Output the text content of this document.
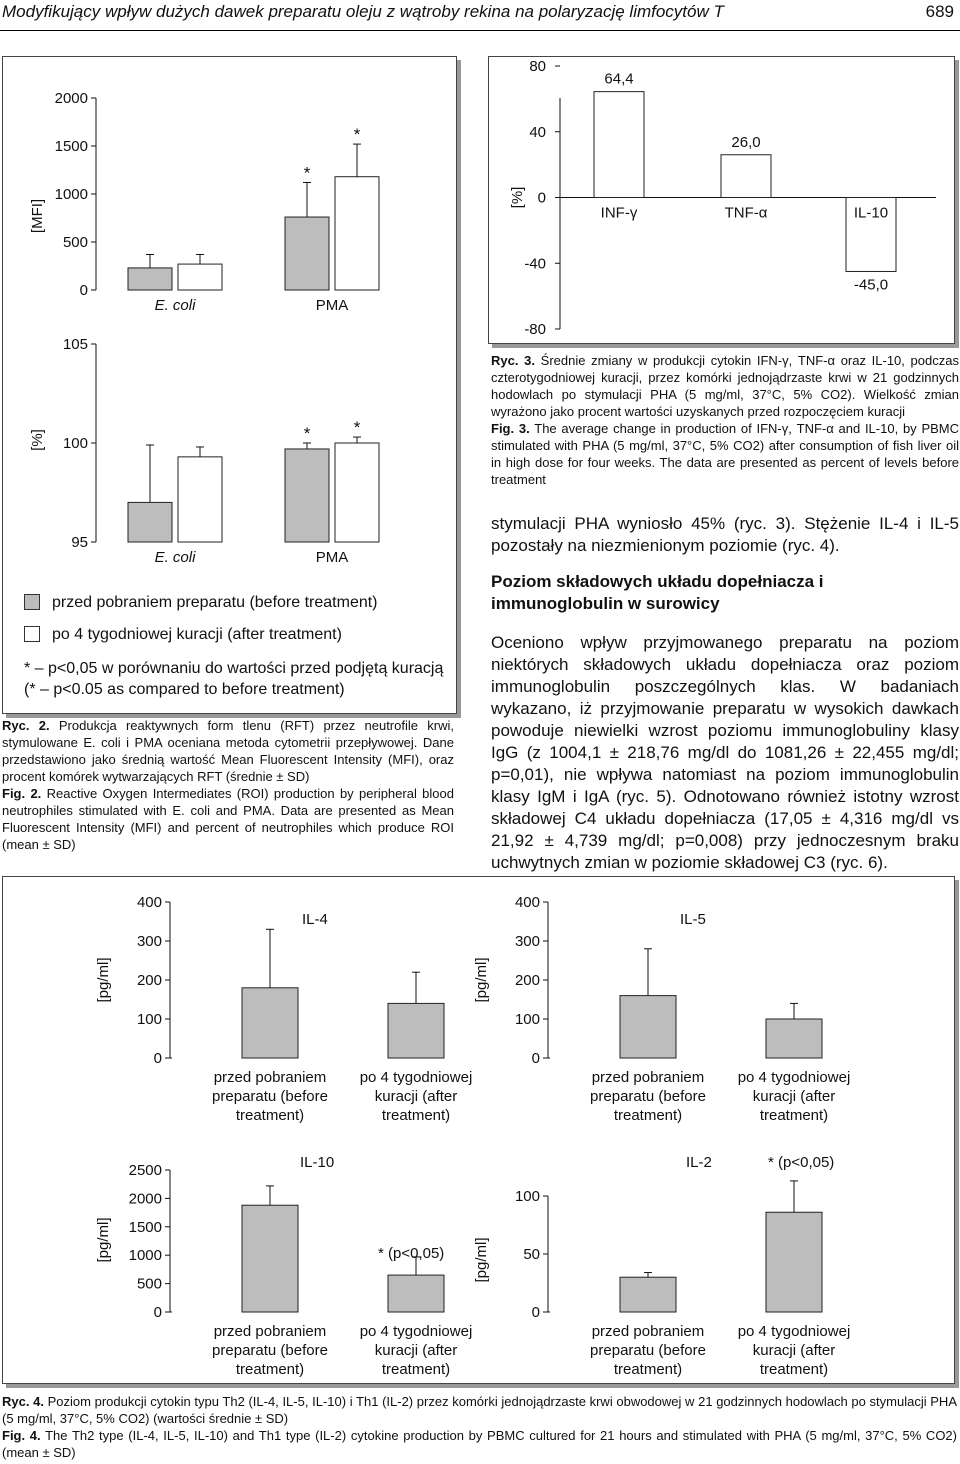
Modyfikujący wpływ dużych dawek preparatu oleju z wątroby rekina na polaryzację limfocytów T	689
0
500
1000
1500
2000
[MFI]
E. coli
*
*
PMA
95
100
105
[%]
E. coli
*	*
PMA
przed pobraniem preparatu (before treatment)
po 4 tygodniowej kuracji (after treatment)
* – p<0,05 w porównaniu do wartości przed podjętą kuracją
(* – p<0.05 as compared to before treatment)
Ryc. 2. Produkcja reaktywnych form tlenu (RFT) przez neutrofile krwi, stymulowane E. coli i PMA oceniana metoda cytometrii przepływowej. Dane przedstawiono jako średnią wartość Mean Fluorescent Intensity (MFI), oraz procent komórek wytwarzających RFT (średnie ± SD)
Fig. 2. Reactive Oxygen Intermediates (ROI) production by peripheral blood neutrophiles stimulated with E. coli and PMA. Data are presented as Mean Fluorescent Intensity (MFI) and percent of neutrophiles which produce ROI (mean ± SD)
80
40
0
-40
-80
[%]
INF-γ
64,4
TNF-α
26,0
IL-10
-45,0
Ryc. 3. Średnie zmiany w produkcji cytokin IFN-γ, TNF-α oraz IL-10, podczas czterotygodniowej kuracji, przez komórki jednojądrzaste krwi w 21 godzinnych hodowlach po stymulacji PHA (5 mg/ml, 37°C, 5% CO2). Wielkość zmian wyrażono jako procent wartości uzyskanych przed rozpoczęciem kuracji
Fig. 3. The average change in production of IFN-γ, TNF-α and IL-10, by PBMC stimulated with PHA (5 mg/ml, 37°C, 5% CO2) after consumption of fish liver oil in high dose for four weeks. The data are presented as percent of levels before treatment
stymulacji PHA wyniosło 45% (ryc. 3). Stężenie IL-4 i IL-5 pozostały na niezmienionym poziomie (ryc. 4).
Poziom składowych układu dopełniacza i immunoglobulin w surowicy
Oceniono wpływ przyjmowanego preparatu na poziom niektórych składowych układu dopełniacza oraz poziom immunoglobulin poszczególnych klas. W badaniach wykazano, iż przyjmowanie preparatu w wysokich dawkach powoduje niewielki wzrost poziomu immunoglobuliny klasy IgG (z 1004,1 ± 218,76 mg/dl do 1081,26 ± 22,455 mg/dl; p=0,01), nie wpływa natomiast na poziom immunoglobulin klasy IgM i IgA (ryc. 5). Odnotowano również istotny wzrost składowej C4 układu dopełniacza (17,05 ± 4,316 mg/dl vs 21,92 ± 4,739 mg/dl; p=0,008) przy jednoczesnym braku uchwytnych zmian w poziomie składowej C3 (ryc. 6).
0
100
200
300
400
[pg/ml]
IL-4
przed pobraniem
preparatu (before
treatment)
po 4 tygodniowej
kuracji (after
treatment)
0
100
200
300
400
[pg/ml]
IL-5
przed pobraniem
preparatu (before
treatment)
po 4 tygodniowej
kuracji (after
treatment)
0
500
1000
1500
2000
2500
[pg/ml]
IL-10
przed pobraniem
preparatu (before
treatment)
po 4 tygodniowej
kuracji (after
treatment)
* (p<0,05)
0
50
100
[pg/ml]
IL-2
przed pobraniem
preparatu (before
treatment)
po 4 tygodniowej
kuracji (after
treatment)
* (p<0,05)
Ryc. 4. Poziom produkcji cytokin typu Th2 (IL-4, IL-5, IL-10) i Th1 (IL-2) przez komórki jednojądrzaste krwi obwodowej w 21 godzinnych hodowlach po stymulacji PHA (5 mg/ml, 37°C, 5% CO2) (wartości średnie ± SD)
Fig. 4. The Th2 type (IL-4, IL-5, IL-10) and Th1 type (IL-2) cytokine production by PBMC cultured for 21 hours and stimulated with PHA (5 mg/ml, 37°C, 5% CO2) (mean ± SD)
